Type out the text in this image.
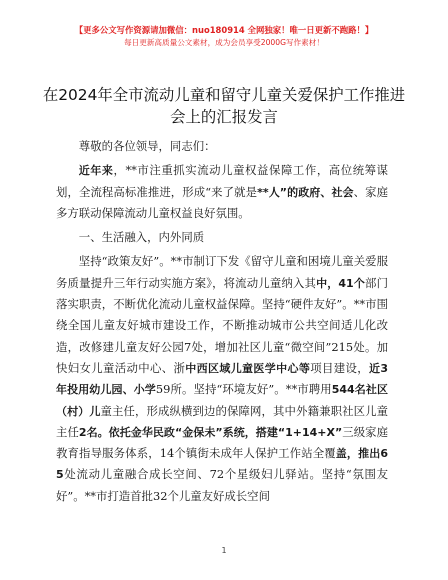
【更多公文写作资源请加微信：nuo180914 全网独家！唯一日更新不跑路！】
每日更新高质量公文素材，成为会员享受2000G写作素材！
在2024年全市流动儿童和留守儿童关爱保护工作推进会上的汇报发言

尊敬的各位领导，同志们：

近年来，**市注重抓实流动儿童权益保障工作，高位统筹谋划，全流程高标准推进，形成“来了就是**人”的政府、社会、家庭多方联动保障流动儿童权益良好氛围。

一、生活融入，内外同质

坚持“政策友好”。**市制订下发《留守儿童和困境儿童关爱服务质量提升三年行动实施方案》，将流动儿童纳入其中，41个部门落实职责，不断优化流动儿童权益保障。坚持“硬件友好”。**市围绕全国儿童友好城市建设工作，不断推动城市公共空间适儿化改造，改修建儿童友好公园7处，增加社区儿童“微空间”215处。加快妇女儿童活动中心、浙中西区域儿童医学中心等项目建设，近3年投用幼儿园、小学59所。坚持“环境友好”。**市聘用544名社区（村）儿童主任，形成纵横到边的保障网，其中外籍兼职社区儿童主任2名。依托金华民政“金保未”系统，搭建“1+14+X”三级家庭教育指导服务体系，14个镇街未成年人保护工作站全覆盖，推出65处流动儿童融合成长空间、72个星级妇儿驿站。坚持“氛围友好”。**市打造首批32个儿童友好成长空间

1
